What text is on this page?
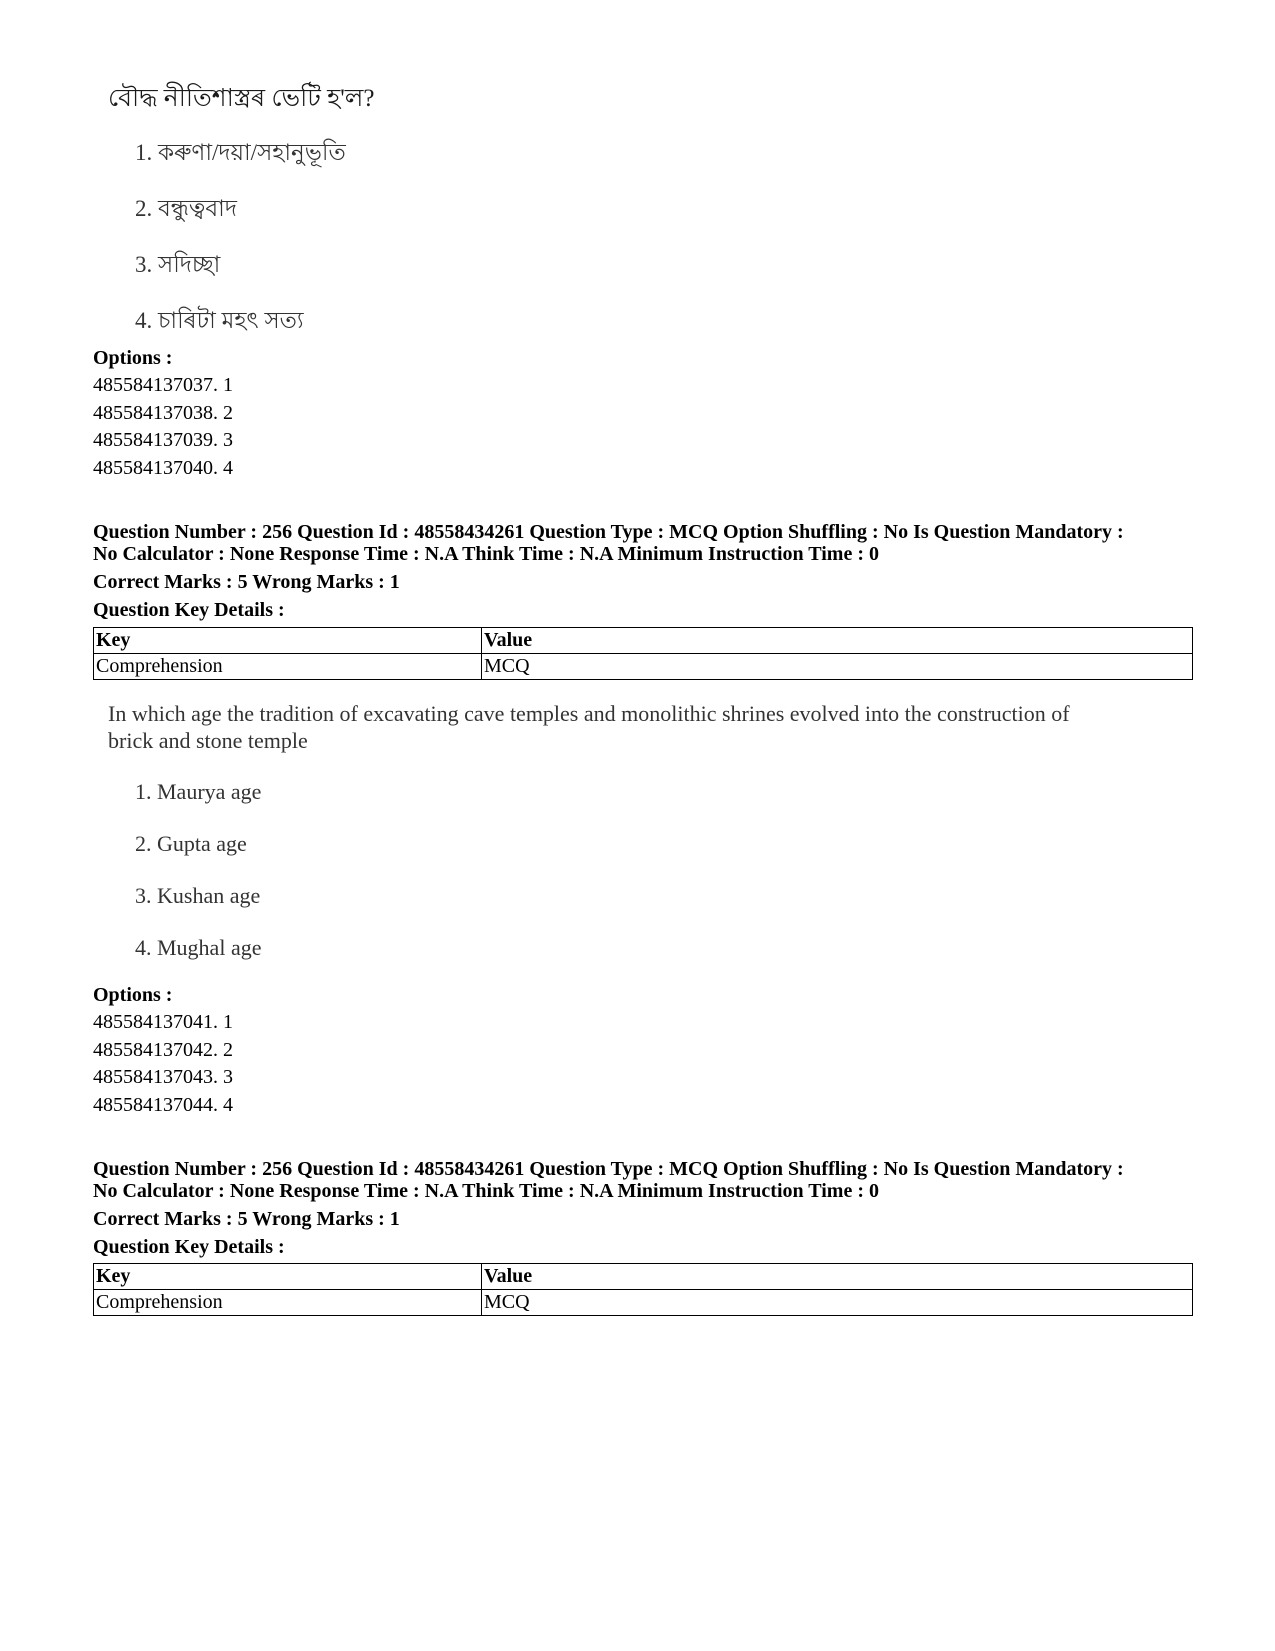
বৌদ্ধ নীতিশাস্ত্ৰৰ ভেটি হ'ল?
1. কৰুণা/দয়া/সহানুভূতি
2. বন্ধুত্ববাদ
3. সদিচ্ছা
4. চাৰিটা মহৎ সত্য
Options :
485584137037. 1
485584137038. 2
485584137039. 3
485584137040. 4
Question Number : 256 Question Id : 48558434261 Question Type : MCQ Option Shuffling : No Is Question Mandatory :
No Calculator : None Response Time : N.A Think Time : N.A Minimum Instruction Time : 0
Correct Marks : 5 Wrong Marks : 1
Question Key Details :
Key	Value
Comprehension	MCQ
In which age the tradition of excavating cave temples and monolithic shrines evolved into the construction of
brick and stone temple
1. Maurya age
2. Gupta age
3. Kushan age
4. Mughal age
Options :
485584137041. 1
485584137042. 2
485584137043. 3
485584137044. 4
Question Number : 256 Question Id : 48558434261 Question Type : MCQ Option Shuffling : No Is Question Mandatory :
No Calculator : None Response Time : N.A Think Time : N.A Minimum Instruction Time : 0
Correct Marks : 5 Wrong Marks : 1
Question Key Details :
Key	Value
Comprehension	MCQ
